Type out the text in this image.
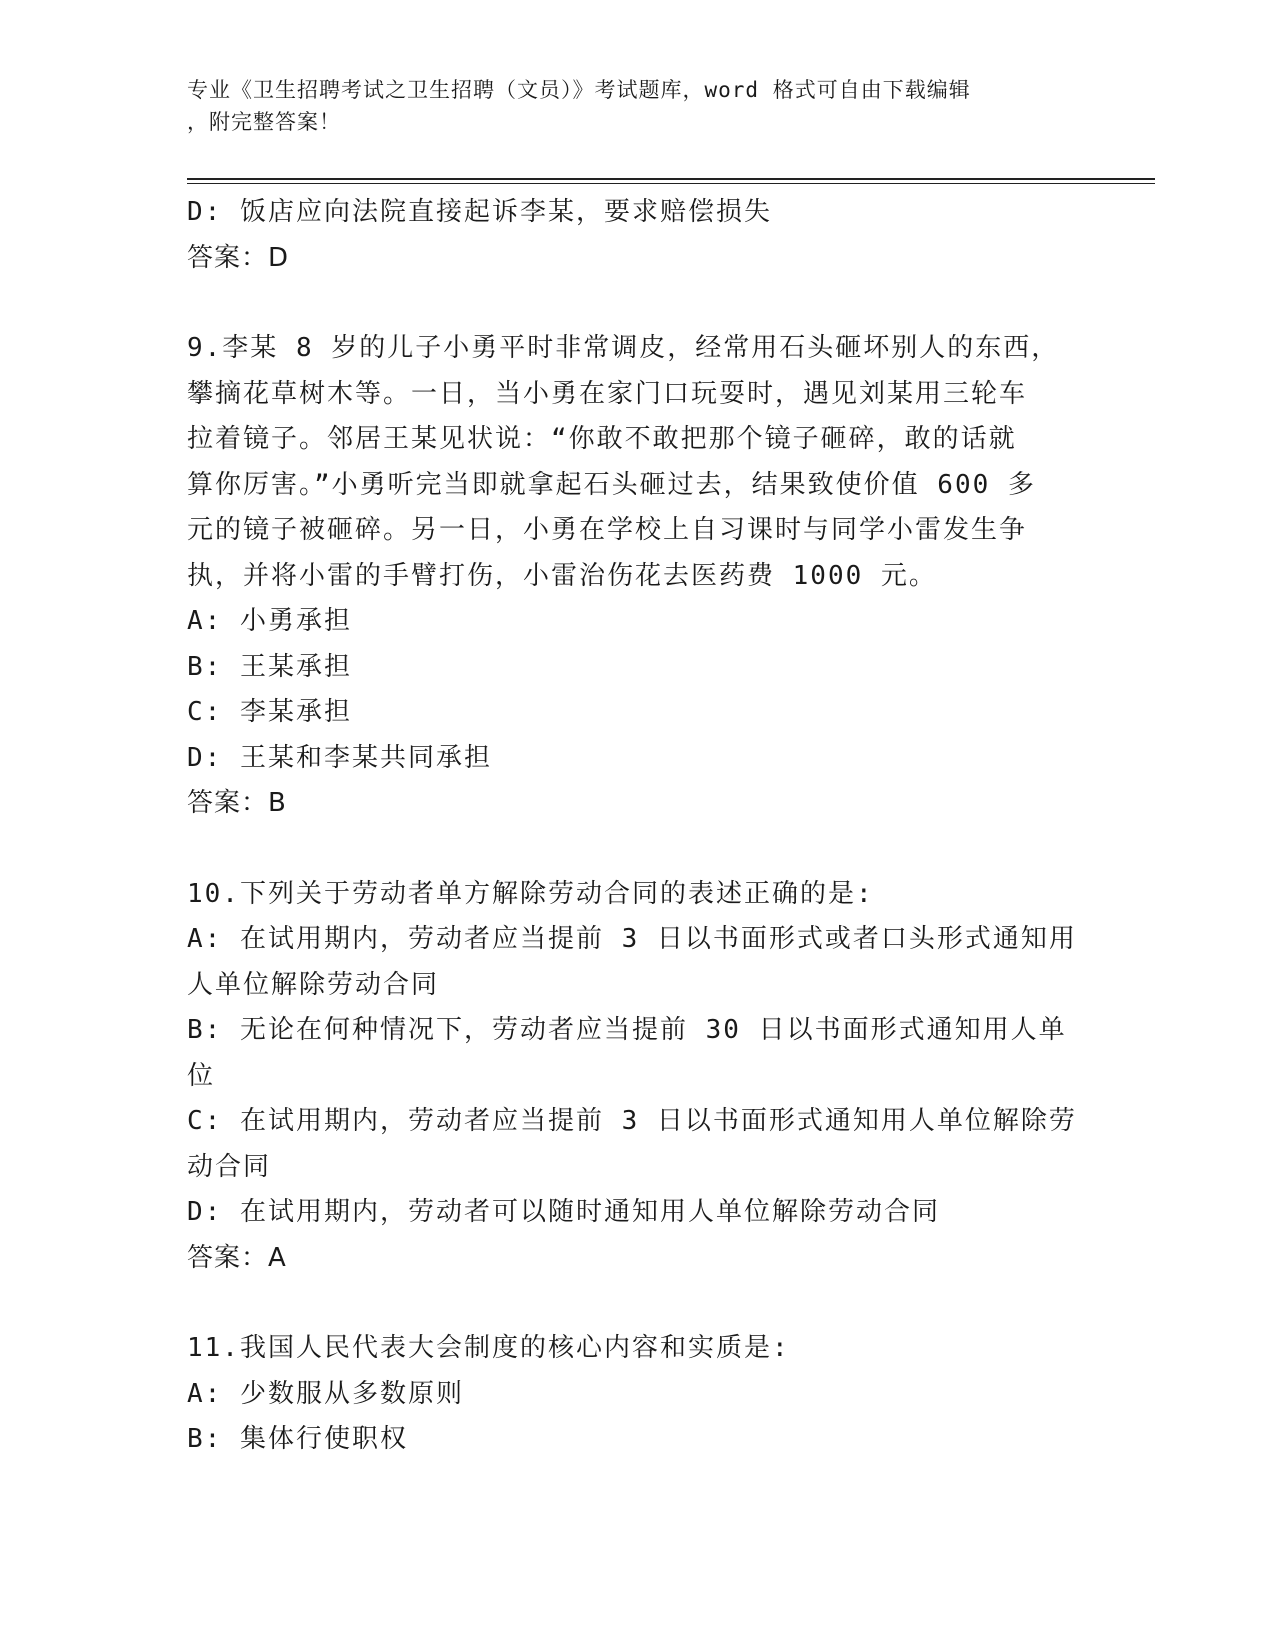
专业《卫生招聘考试之卫生招聘（文员）》考试题库，word 格式可自由下载编辑
，附完整答案！
D: 饭店应向法院直接起诉李某，要求赔偿损失
答案：D
9.李某 8 岁的儿子小勇平时非常调皮，经常用石头砸坏别人的东西，
攀摘花草树木等。一日，当小勇在家门口玩耍时，遇见刘某用三轮车
拉着镜子。邻居王某见状说：“你敢不敢把那个镜子砸碎，敢的话就
算你厉害。”小勇听完当即就拿起石头砸过去，结果致使价值 600 多
元的镜子被砸碎。另一日，小勇在学校上自习课时与同学小雷发生争
执，并将小雷的手臂打伤，小雷治伤花去医药费 1000 元。
A: 小勇承担
B: 王某承担
C: 李某承担
D: 王某和李某共同承担
答案：B
10.下列关于劳动者单方解除劳动合同的表述正确的是:
A: 在试用期内，劳动者应当提前 3 日以书面形式或者口头形式通知用
人单位解除劳动合同
B: 无论在何种情况下，劳动者应当提前 30 日以书面形式通知用人单
位
C: 在试用期内，劳动者应当提前 3 日以书面形式通知用人单位解除劳
动合同
D: 在试用期内，劳动者可以随时通知用人单位解除劳动合同
答案：A
11.我国人民代表大会制度的核心内容和实质是:
A: 少数服从多数原则
B: 集体行使职权
